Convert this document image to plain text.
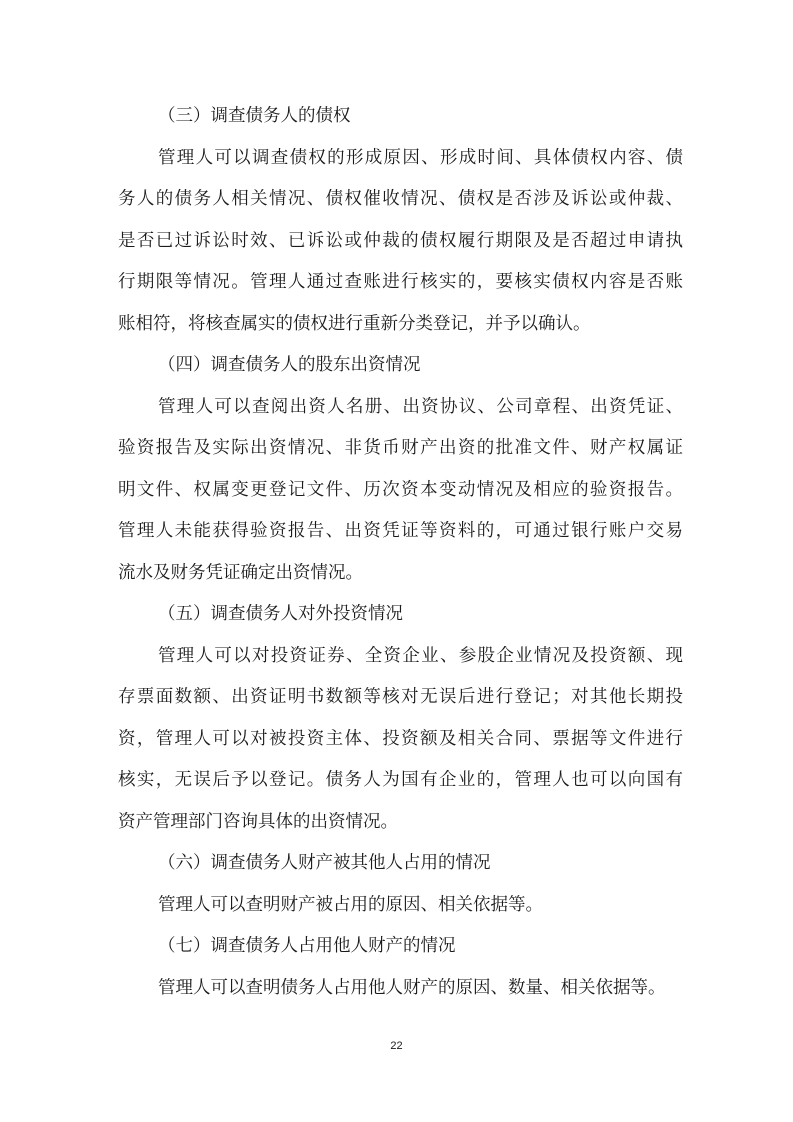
（三）调查债务人的债权

管理人可以调查债权的形成原因、形成时间、具体债权内容、债
务人的债务人相关情况、债权催收情况、债权是否涉及诉讼或仲裁、
是否已过诉讼时效、已诉讼或仲裁的债权履行期限及是否超过申请执
行期限等情况。管理人通过查账进行核实的，要核实债权内容是否账
账相符，将核查属实的债权进行重新分类登记，并予以确认。

（四）调查债务人的股东出资情况

管理人可以查阅出资人名册、出资协议、公司章程、出资凭证、
验资报告及实际出资情况、非货币财产出资的批准文件、财产权属证
明文件、权属变更登记文件、历次资本变动情况及相应的验资报告。
管理人未能获得验资报告、出资凭证等资料的，可通过银行账户交易
流水及财务凭证确定出资情况。

（五）调查债务人对外投资情况

管理人可以对投资证券、全资企业、参股企业情况及投资额、现
存票面数额、出资证明书数额等核对无误后进行登记；对其他长期投
资，管理人可以对被投资主体、投资额及相关合同、票据等文件进行
核实，无误后予以登记。债务人为国有企业的，管理人也可以向国有
资产管理部门咨询具体的出资情况。

（六）调查债务人财产被其他人占用的情况

管理人可以查明财产被占用的原因、相关依据等。

（七）调查债务人占用他人财产的情况

管理人可以查明债务人占用他人财产的原因、数量、相关依据等。
22
